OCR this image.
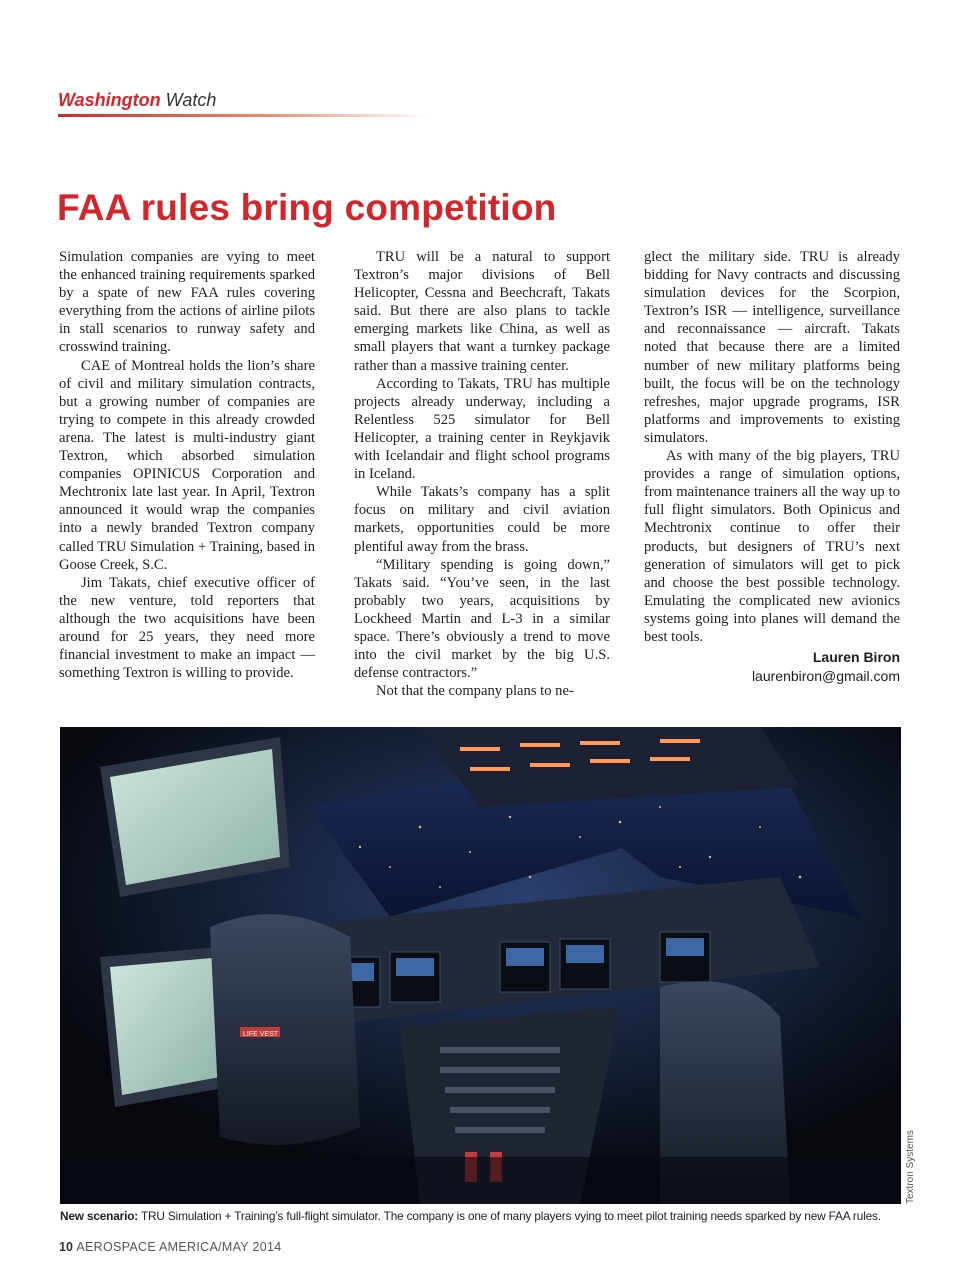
Washington Watch
FAA rules bring competition

Simulation companies are vying to meet the enhanced training requirements sparked by a spate of new FAA rules covering everything from the actions of airline pilots in stall scenarios to runway safety and crosswind training.

CAE of Montreal holds the lion’s share of civil and military simulation contracts, but a growing number of companies are trying to compete in this already crowded arena. The latest is multi-industry giant Textron, which absorbed simulation companies OPINICUS Corporation and Mechtronix late last year. In April, Textron announced it would wrap the companies into a newly branded Textron company called TRU Simulation + Training, based in Goose Creek, S.C.

Jim Takats, chief executive officer of the new venture, told reporters that although the two acquisitions have been around for 25 years, they need more financial investment to make an impact — something Textron is willing to provide.

TRU will be a natural to support Textron’s major divisions of Bell Helicopter, Cessna and Beechcraft, Takats said. But there are also plans to tackle emerging markets like China, as well as small players that want a turnkey package rather than a massive training center.

According to Takats, TRU has multiple projects already underway, including a Relentless 525 simulator for Bell Helicopter, a training center in Reykjavik with Icelandair and flight school programs in Iceland.

While Takats’s company has a split focus on military and civil aviation markets, opportunities could be more plentiful away from the brass.

“Military spending is going down,” Takats said. “You’ve seen, in the last probably two years, acquisitions by Lockheed Martin and L-3 in a similar space. There’s obviously a trend to move into the civil market by the big U.S. defense contractors.”

Not that the company plans to ne-

glect the military side. TRU is already bidding for Navy contracts and discussing simulation devices for the Scorpion, Textron’s ISR — intelligence, surveillance and reconnaissance — aircraft. Takats noted that because there are a limited number of new military platforms being built, the focus will be on the technology refreshes, major upgrade programs, ISR platforms and improvements to existing simulators.

As with many of the big players, TRU provides a range of simulation options, from maintenance trainers all the way up to full flight simulators. Both Opinicus and Mechtronix continue to offer their products, but designers of TRU’s next generation of simulators will get to pick and choose the best possible technology. Emulating the complicated new avionics systems going into planes will demand the best tools.

Lauren Biron
laurenbiron@gmail.com
LIFE VEST
Textron Systems
New scenario: TRU Simulation + Training’s full-flight simulator. The company is one of many players vying to meet pilot training needs sparked by new FAA rules.
10 AEROSPACE AMERICA/MAY 2014
